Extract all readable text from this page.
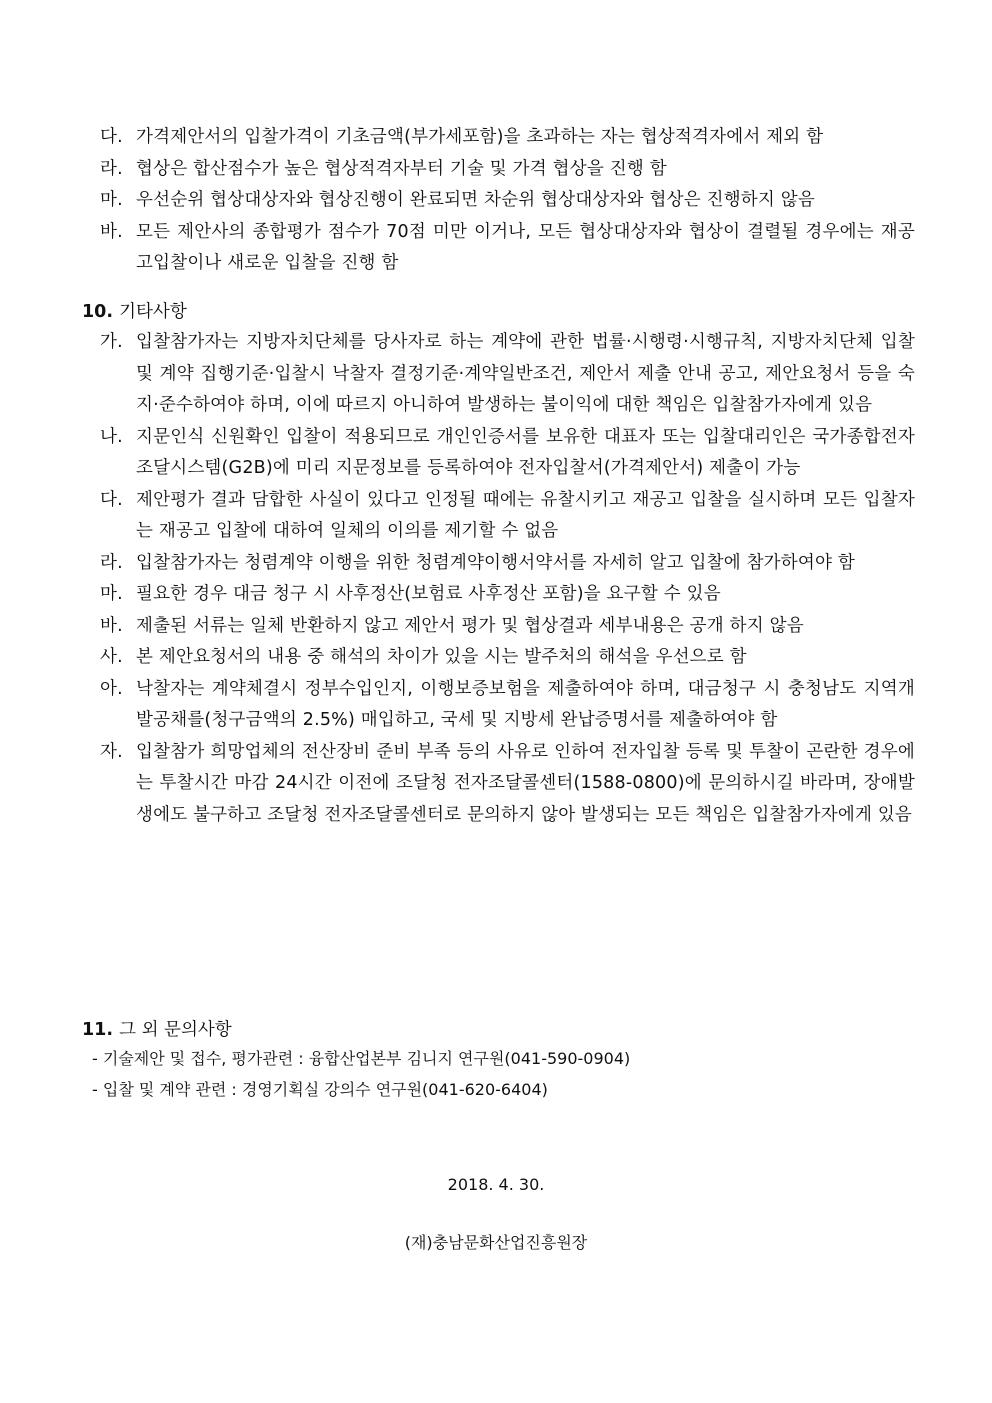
다. 가격제안서의 입찰가격이 기초금액(부가세포함)을 초과하는 자는 협상적격자에서 제외 함
라. 협상은 합산점수가 높은 협상적격자부터 기술 및 가격 협상을 진행 함
마. 우선순위 협상대상자와 협상진행이 완료되면 차순위 협상대상자와 협상은 진행하지 않음
바. 모든 제안사의 종합평가 점수가 70점 미만 이거나, 모든 협상대상자와 협상이 결렬될 경우에는 재공고입찰이나 새로운 입찰을 진행 함
10. 기타사항
가. 입찰참가자는 지방자치단체를 당사자로 하는 계약에 관한 법률·시행령·시행규칙, 지방자치단체 입찰 및 계약 집행기준·입찰시 낙찰자 결정기준·계약일반조건, 제안서 제출 안내 공고, 제안요청서 등을 숙지·준수하여야 하며, 이에 따르지 아니하여 발생하는 불이익에 대한 책임은 입찰참가자에게 있음
나. 지문인식 신원확인 입찰이 적용되므로 개인인증서를 보유한 대표자 또는 입찰대리인은 국가종합전자조달시스템(G2B)에 미리 지문정보를 등록하여야 전자입찰서(가격제안서) 제출이 가능
다. 제안평가 결과 담합한 사실이 있다고 인정될 때에는 유찰시키고 재공고 입찰을 실시하며 모든 입찰자는 재공고 입찰에 대하여 일체의 이의를 제기할 수 없음
라. 입찰참가자는 청렴계약 이행을 위한 청렴계약이행서약서를 자세히 알고 입찰에 참가하여야 함
마. 필요한 경우 대금 청구 시 사후정산(보험료 사후정산 포함)을 요구할 수 있음
바. 제출된 서류는 일체 반환하지 않고 제안서 평가 및 협상결과 세부내용은 공개 하지 않음
사. 본 제안요청서의 내용 중 해석의 차이가 있을 시는 발주처의 해석을 우선으로 함
아. 낙찰자는 계약체결시 정부수입인지, 이행보증보험을 제출하여야 하며, 대금청구 시 충청남도 지역개발공채를(청구금액의 2.5%) 매입하고, 국세 및 지방세 완납증명서를 제출하여야 함
자. 입찰참가 희망업체의 전산장비 준비 부족 등의 사유로 인하여 전자입찰 등록 및 투찰이 곤란한 경우에는 투찰시간 마감 24시간 이전에 조달청 전자조달콜센터(1588-0800)에 문의하시길 바라며, 장애발생에도 불구하고 조달청 전자조달콜센터로 문의하지 않아 발생되는 모든 책임은 입찰참가자에게 있음
11. 그 외 문의사항
- 기술제안 및 접수, 평가관련 : 융합산업본부 김니지 연구원(041-590-0904)
- 입찰 및 계약 관련 : 경영기획실 강의수 연구원(041-620-6404)
2018. 4. 30.
(재)충남문화산업진흥원장
